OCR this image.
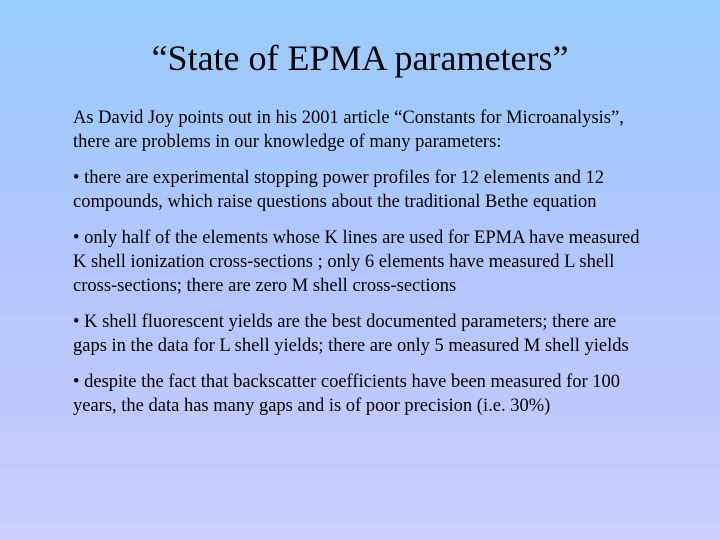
“State of EPMA parameters”

As David Joy points out in his 2001 article “Constants for Microanalysis”, there are problems in our knowledge of many parameters:

• there are experimental stopping power profiles for 12 elements and 12 compounds, which raise questions about the traditional Bethe equation

• only half of the elements whose K lines are used for EPMA have measured K shell ionization cross-sections ; only 6 elements have measured L shell cross-sections; there are zero M shell cross-sections

• K shell fluorescent yields are the best documented parameters; there are gaps in the data for L shell yields; there are only 5 measured M shell yields

• despite the fact that backscatter coefficients have been measured for 100 years, the data has many gaps and is of poor precision (i.e. 30%)
